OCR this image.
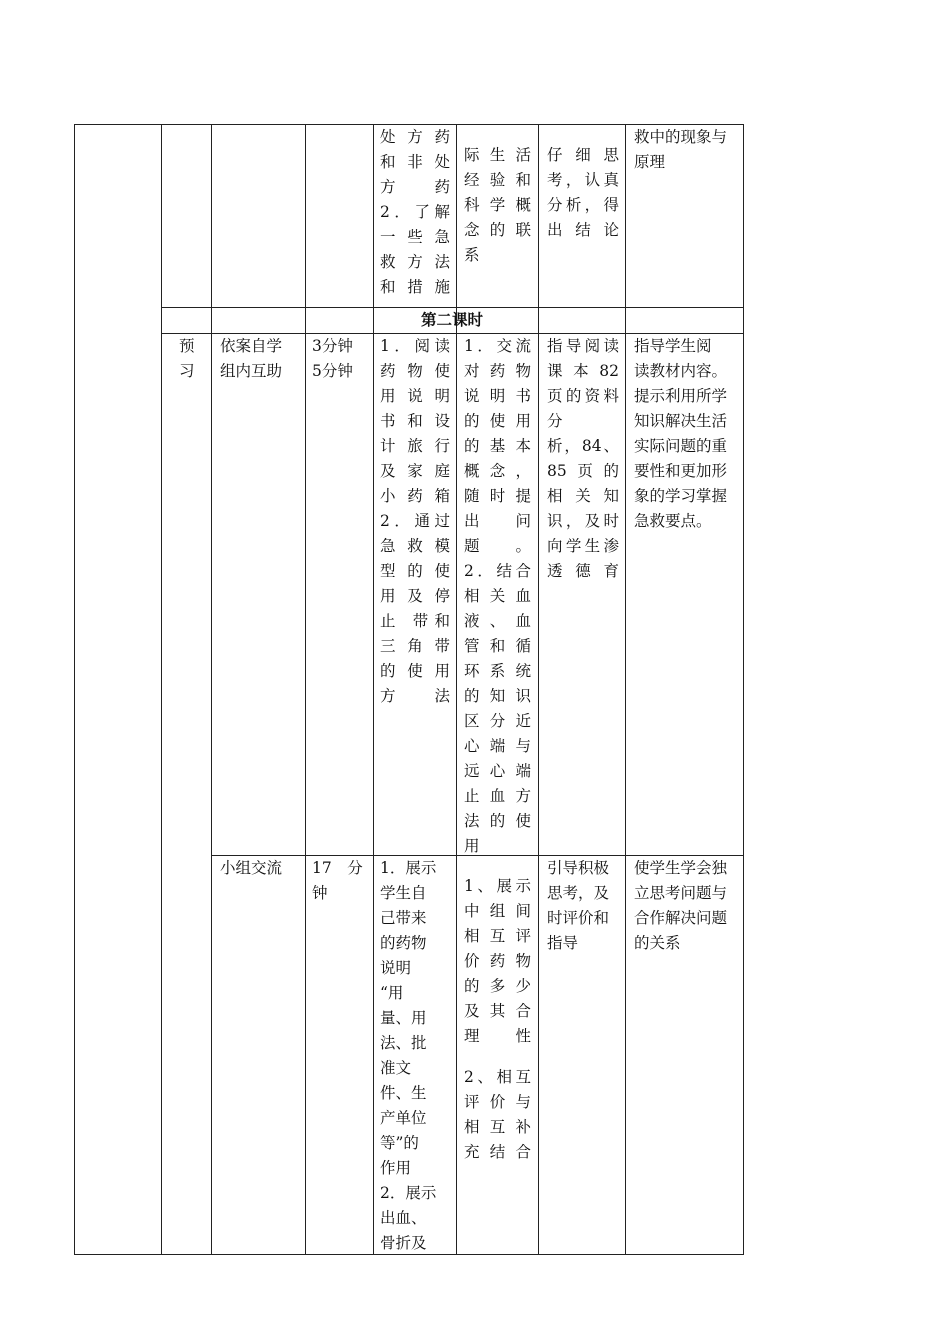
第二课时
处方药
和非处
方药
2．了解
一些急
救方法
和措施
际生活
经验和
科学概
念的联
系
仔细思
考，认真
分析，得
出结论
救中的现象与
原理
预
习
依案自学
组内互助
3分钟
5分钟
1．阅读
药物使
用说明
书和设
计旅行
及家庭
小药箱
2．通过
急救模
型的使
用及停
止 带和
三角带
的使用
方　法
1．交流
对药物
说明书
的使用
的基本
概念，
随时提
出　问
题。
2．结合
相关血
液、血
管和循
环系统
的知识
区分近
心端与
远心端
止血方
法的使
用
指导阅读
课本82
页的资料
分
析，84、
85页的
相关知
识，及时
向学生渗
透德育
指导学生阅
读教材内容。
提示利用所学
知识解决生活
实际问题的重
要性和更加形
象的学习掌握
急救要点。
小组交流	17　分
钟
1．展示
学生自
己带来
的药物
说明
“用
量、用
法、批
准文
件、生
产单位
等”的
作用
2．展示
出血、
骨折及
1、展示
中组间
相互评
价药物
的多少
及其合
理性
2、相互
评价与
相互补
充结合
引导积极
思考，及
时评价和
指导
使学生学会独
立思考问题与
合作解决问题
的关系
